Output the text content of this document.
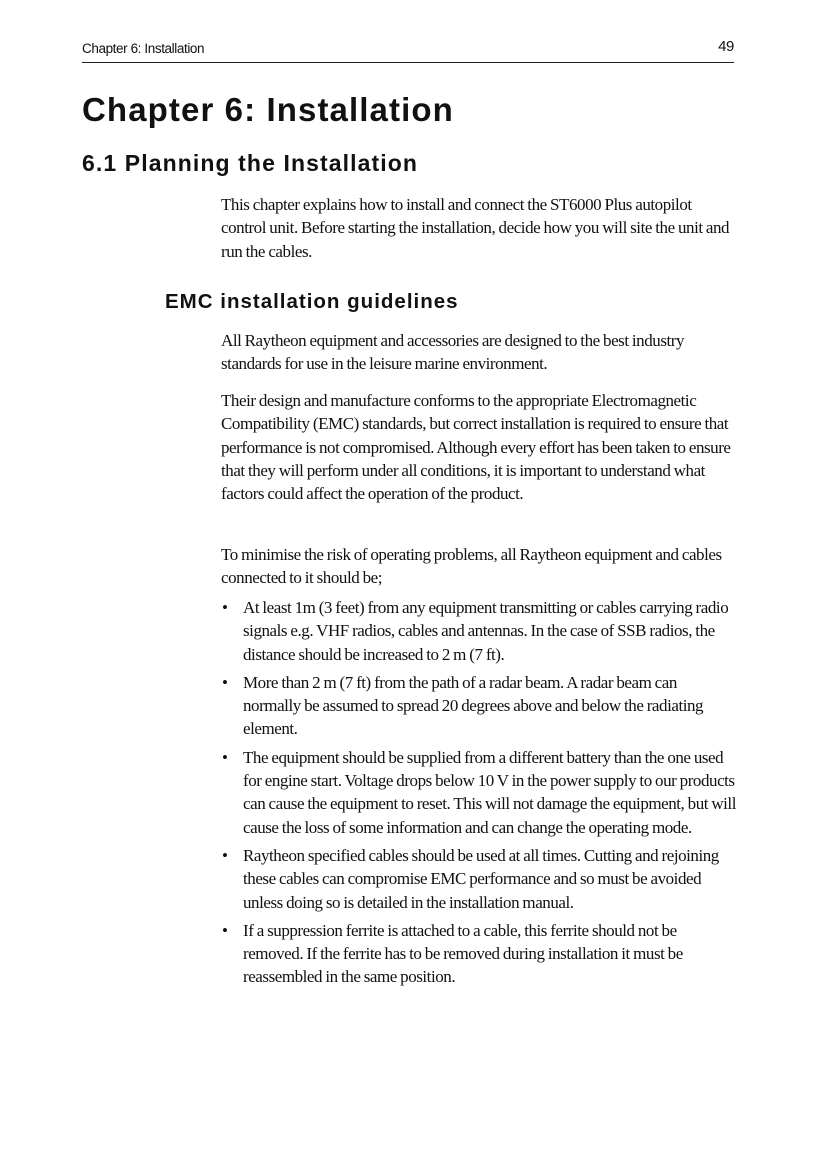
Chapter 6: Installation	49
Chapter 6: Installation
6.1 Planning the Installation

This chapter explains how to install and connect the ST6000 Plus autopilot control unit. Before starting the installation, decide how you will site the unit and run the cables.

EMC installation guidelines

All Raytheon equipment and accessories are designed to the best industry standards for use in the leisure marine environment.

Their design and manufacture conforms to the appropriate Electromagnetic Compatibility (EMC) standards, but correct installation is required to ensure that performance is not compromised. Although every effort has been taken to ensure that they will perform under all conditions, it is important to understand what factors could affect the operation of the product.

To minimise the risk of operating problems, all Raytheon equipment and cables connected to it should be;

• At least 1m (3 feet) from any equipment transmitting or cables carrying radio signals e.g. VHF radios, cables and antennas. In the case of SSB radios, the distance should be increased to 2 m (7 ft).
• More than 2 m (7 ft) from the path of a radar beam. A radar beam can normally be assumed to spread 20 degrees above and below the radiating element.
• The equipment should be supplied from a different battery than the one used for engine start. Voltage drops below 10 V in the power supply to our products can cause the equipment to reset. This will not damage the equipment, but will cause the loss of some information and can change the operating mode.
• Raytheon specified cables should be used at all times. Cutting and rejoining these cables can compromise EMC performance and so must be avoided unless doing so is detailed in the installation manual.
• If a suppression ferrite is attached to a cable, this ferrite should not be removed. If the ferrite has to be removed during installation it must be reassembled in the same position.
